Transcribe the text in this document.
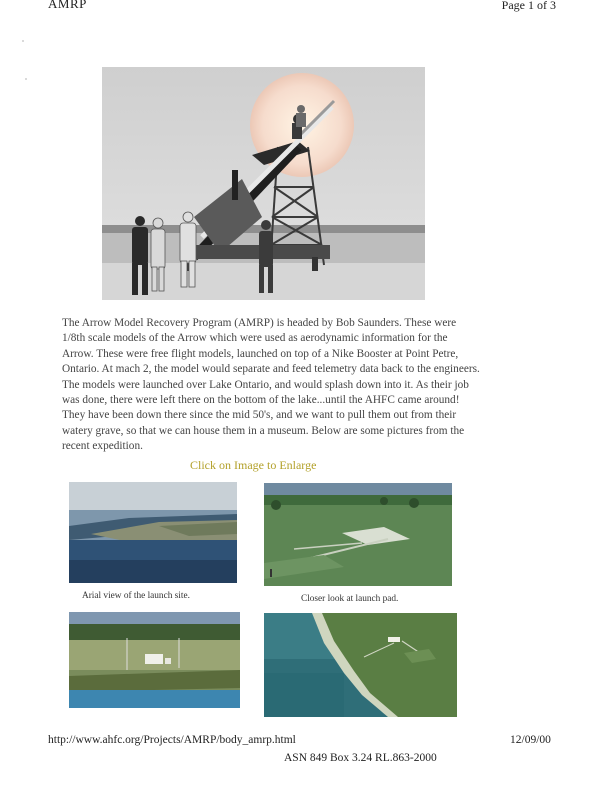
AMRP	Page 1 of 3
The Arrow Model Recovery Program (AMRP) is headed by Bob Saunders. These were 1/8th scale models of the Arrow which were used as aerodynamic information for the Arrow. These were free flight models, launched on top of a Nike Booster at Point Petre, Ontario. At mach 2, the model would separate and feed telemetry data back to the engineers. The models were launched over Lake Ontario, and would splash down into it. As their job was done, there were left there on the bottom of the lake...until the AHFC came around! They have been down there since the mid 50's, and we want to pull them out from their watery grave, so that we can house them in a museum. Below are some pictures from the recent expedition.
Click on Image to Enlarge
Arial view of the launch site.	Closer look at launch pad.
http://www.ahfc.org/Projects/AMRP/body_amrp.html	12/09/00
ASN 849 Box 3.24 RL.863-2000
